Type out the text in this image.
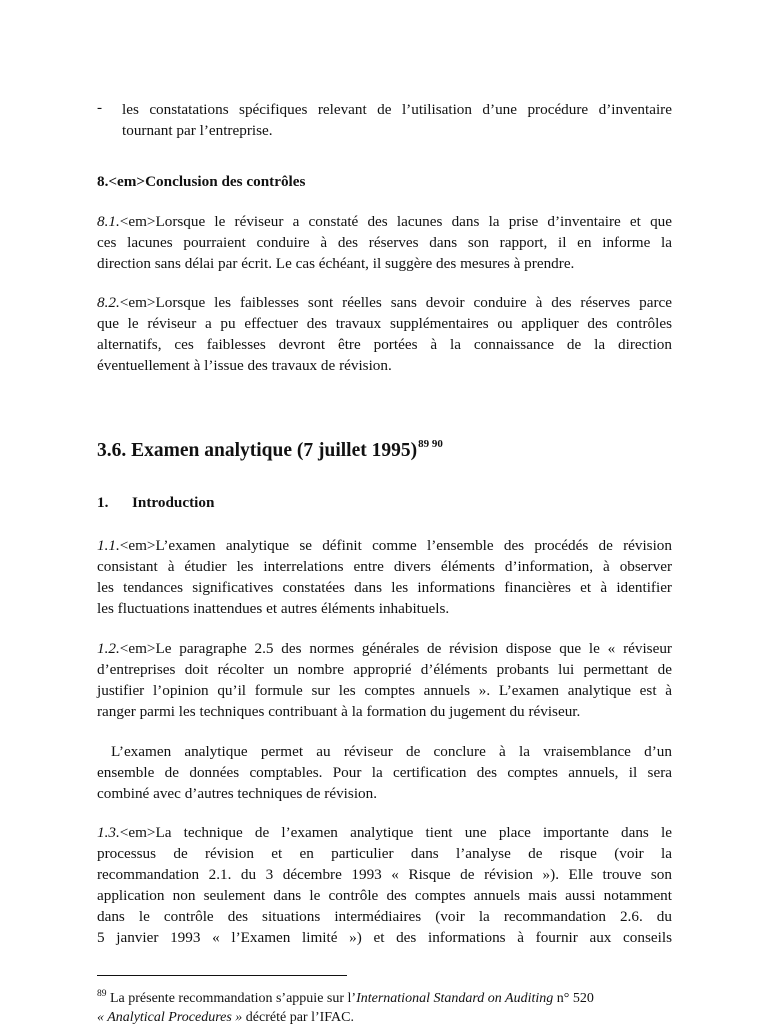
- les constatations spécifiques relevant de l’utilisation d’une procédure d’inventaire
tournant par l’entreprise.
8.<em>Conclusion des contrôles
8.1.<em>Lorsque le réviseur a constaté des lacunes dans la prise d’inventaire et que
ces lacunes pourraient conduire à des réserves dans son rapport, il en informe la
direction sans délai par écrit. Le cas échéant, il suggère des mesures à prendre.
8.2.<em>Lorsque les faiblesses sont réelles sans devoir conduire à des réserves parce
que le réviseur a pu effectuer des travaux supplémentaires ou appliquer des contrôles
alternatifs, ces faiblesses devront être portées à la connaissance de la direction
éventuellement à l’issue des travaux de révision.
3.6. Examen analytique (7 juillet 1995)$^{89 90}$
1. Introduction
1.1.<em>L’examen analytique se définit comme l’ensemble des procédés de révision
consistant à étudier les interrelations entre divers éléments d’information, à observer
les tendances significatives constatées dans les informations financières et à identifier
les fluctuations inattendues et autres éléments inhabituels.
1.2.<em>Le paragraphe 2.5 des normes générales de révision dispose que le « réviseur
d’entreprises doit récolter un nombre approprié d’éléments probants lui permettant de
justifier l’opinion qu’il formule sur les comptes annuels ». L’examen analytique est à
ranger parmi les techniques contribuant à la formation du jugement du réviseur.
L’examen analytique permet au réviseur de conclure à la vraisemblance d’un
ensemble de données comptables. Pour la certification des comptes annuels, il sera
combiné avec d’autres techniques de révision.
1.3.<em>La technique de l’examen analytique tient une place importante dans le
processus de révision et en particulier dans l’analyse de risque (voir la
recommandation 2.1. du 3 décembre 1993 « Risque de révision »). Elle trouve son
application non seulement dans le contrôle des comptes annuels mais aussi notamment
dans le contrôle des situations intermédiaires (voir la recommandation 2.6. du
5 janvier 1993 « l’Examen limité ») et des informations à fournir aux conseils
$^{89}$ La présente recommandation s’appuie sur l’International Standard on Auditing n° 520
« Analytical Procedures » décrété par l’IFAC.
